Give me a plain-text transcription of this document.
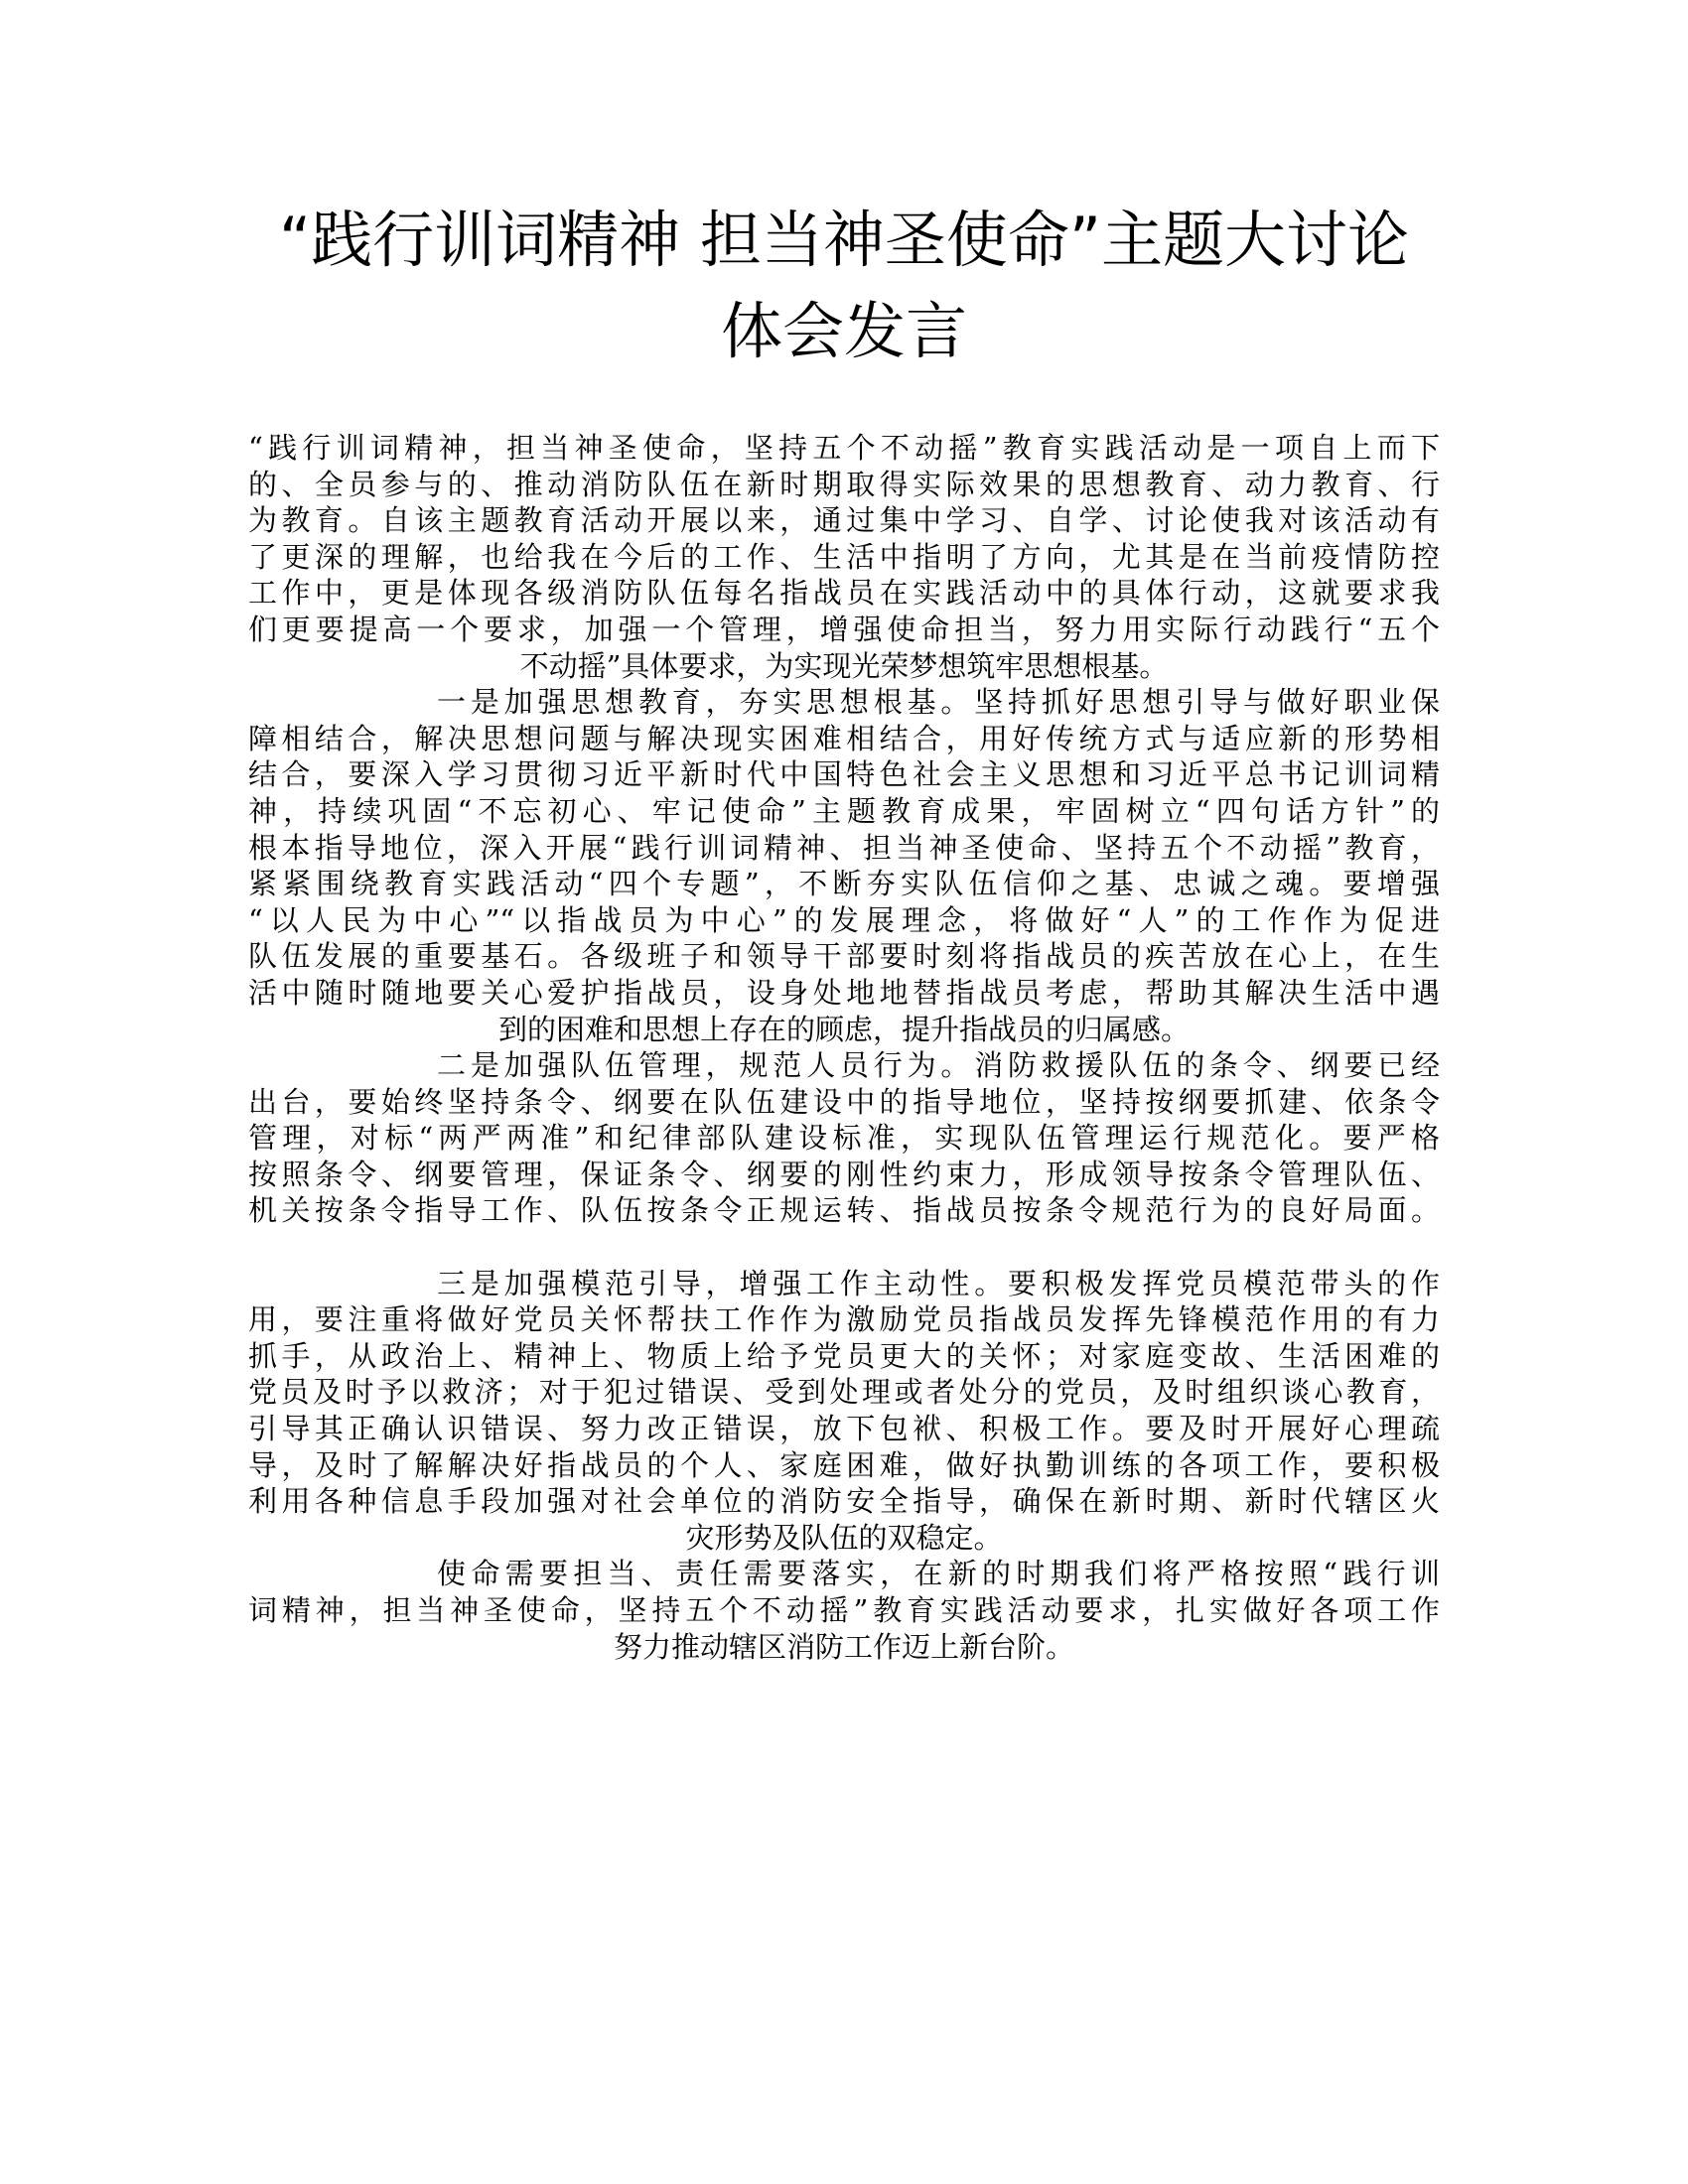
“践行训词精神 担当神圣使命”主题大讨论
体会发言

“践行训词精神，担当神圣使命，坚持五个不动摇”教育实践活动是一项自上而下
的、全员参与的、推动消防队伍在新时期取得实际效果的思想教育、动力教育、行
为教育。自该主题教育活动开展以来，通过集中学习、自学、讨论使我对该活动有
了更深的理解，也给我在今后的工作、生活中指明了方向，尤其是在当前疫情防控
工作中，更是体现各级消防队伍每名指战员在实践活动中的具体行动，这就要求我
们更要提高一个要求，加强一个管理，增强使命担当，努力用实际行动践行“五个
不动摇”具体要求，为实现光荣梦想筑牢思想根基。

一是加强思想教育，夯实思想根基。坚持抓好思想引导与做好职业保
障相结合，解决思想问题与解决现实困难相结合，用好传统方式与适应新的形势相
结合，要深入学习贯彻习近平新时代中国特色社会主义思想和习近平总书记训词精
神，持续巩固“不忘初心、牢记使命”主题教育成果，牢固树立“四句话方针”的
根本指导地位，深入开展“践行训词精神、担当神圣使命、坚持五个不动摇”教育，
紧紧围绕教育实践活动“四个专题”，不断夯实队伍信仰之基、忠诚之魂。要增强
“以人民为中心”“以指战员为中心”的发展理念，将做好“人”的工作作为促进
队伍发展的重要基石。各级班子和领导干部要时刻将指战员的疾苦放在心上，在生
活中随时随地要关心爱护指战员，设身处地地替指战员考虑，帮助其解决生活中遇
到的困难和思想上存在的顾虑，提升指战员的归属感。

二是加强队伍管理，规范人员行为。消防救援队伍的条令、纲要已经
出台，要始终坚持条令、纲要在队伍建设中的指导地位，坚持按纲要抓建、依条令
管理，对标“两严两准”和纪律部队建设标准，实现队伍管理运行规范化。要严格
按照条令、纲要管理，保证条令、纲要的刚性约束力，形成领导按条令管理队伍、
机关按条令指导工作、队伍按条令正规运转、指战员按条令规范行为的良好局面。

三是加强模范引导，增强工作主动性。要积极发挥党员模范带头的作
用，要注重将做好党员关怀帮扶工作作为激励党员指战员发挥先锋模范作用的有力
抓手，从政治上、精神上、物质上给予党员更大的关怀；对家庭变故、生活困难的
党员及时予以救济；对于犯过错误、受到处理或者处分的党员，及时组织谈心教育，
引导其正确认识错误、努力改正错误，放下包袱、积极工作。要及时开展好心理疏
导，及时了解解决好指战员的个人、家庭困难，做好执勤训练的各项工作，要积极
利用各种信息手段加强对社会单位的消防安全指导，确保在新时期、新时代辖区火
灾形势及队伍的双稳定。

使命需要担当、责任需要落实，在新的时期我们将严格按照“践行训
词精神，担当神圣使命，坚持五个不动摇”教育实践活动要求，扎实做好各项工作
努力推动辖区消防工作迈上新台阶。
